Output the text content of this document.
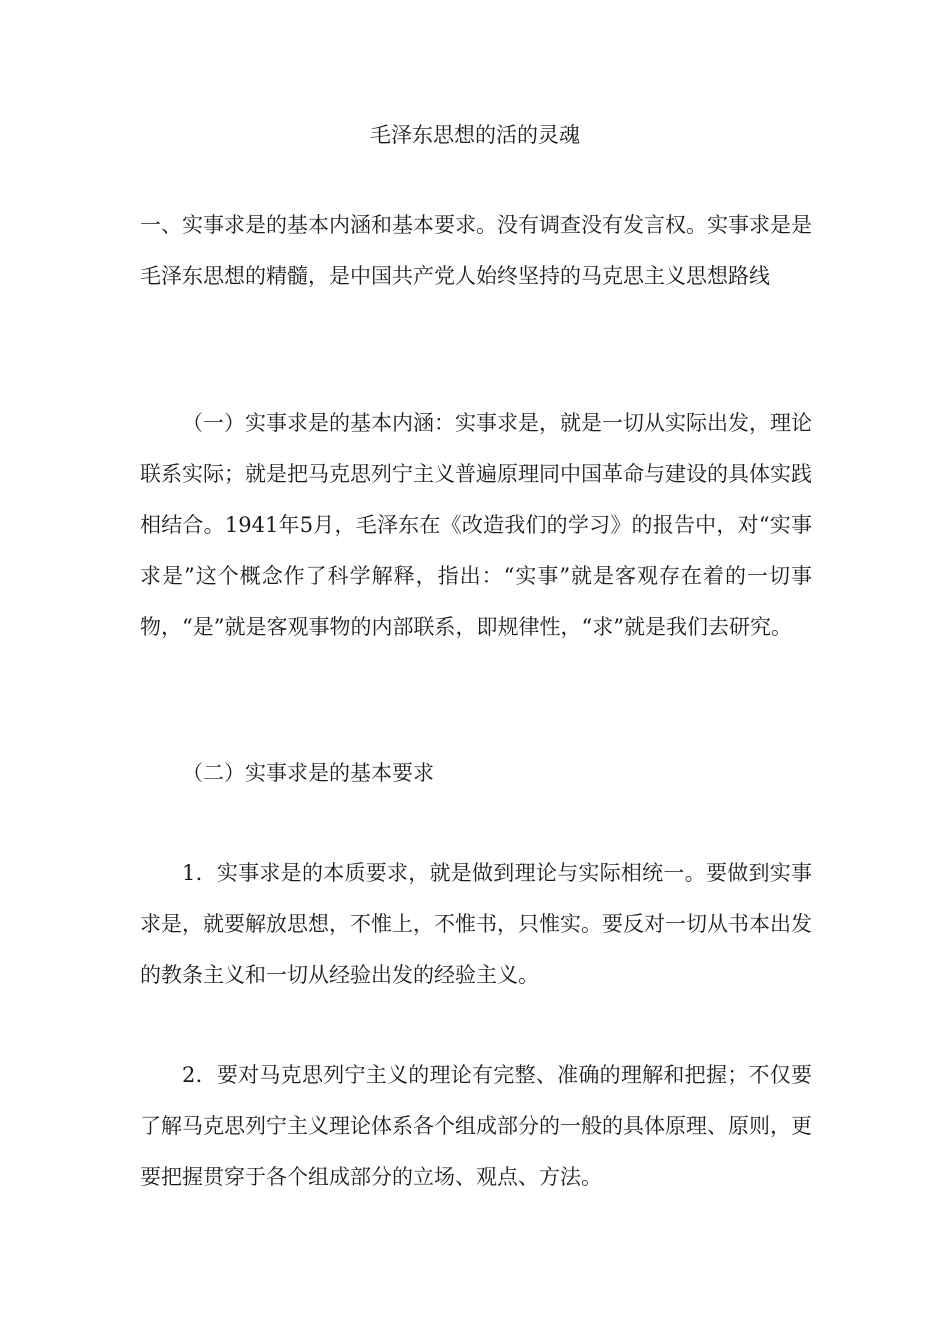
毛泽东思想的活的灵魂

一、实事求是的基本内涵和基本要求。没有调查没有发言权。实事求是是毛泽东思想的精髓，是中国共产党人始终坚持的马克思主义思想路线

（一）实事求是的基本内涵：实事求是，就是一切从实际出发，理论联系实际；就是把马克思列宁主义普遍原理同中国革命与建设的具体实践相结合。1941年5月，毛泽东在《改造我们的学习》的报告中，对“实事求是”这个概念作了科学解释，指出：“实事”就是客观存在着的一切事物，“是”就是客观事物的内部联系，即规律性，“求”就是我们去研究。

（二）实事求是的基本要求

1．实事求是的本质要求，就是做到理论与实际相统一。要做到实事求是，就要解放思想，不惟上，不惟书，只惟实。要反对一切从书本出发的教条主义和一切从经验出发的经验主义。

2．要对马克思列宁主义的理论有完整、准确的理解和把握；不仅要了解马克思列宁主义理论体系各个组成部分的一般的具体原理、原则，更要把握贯穿于各个组成部分的立场、观点、方法。
